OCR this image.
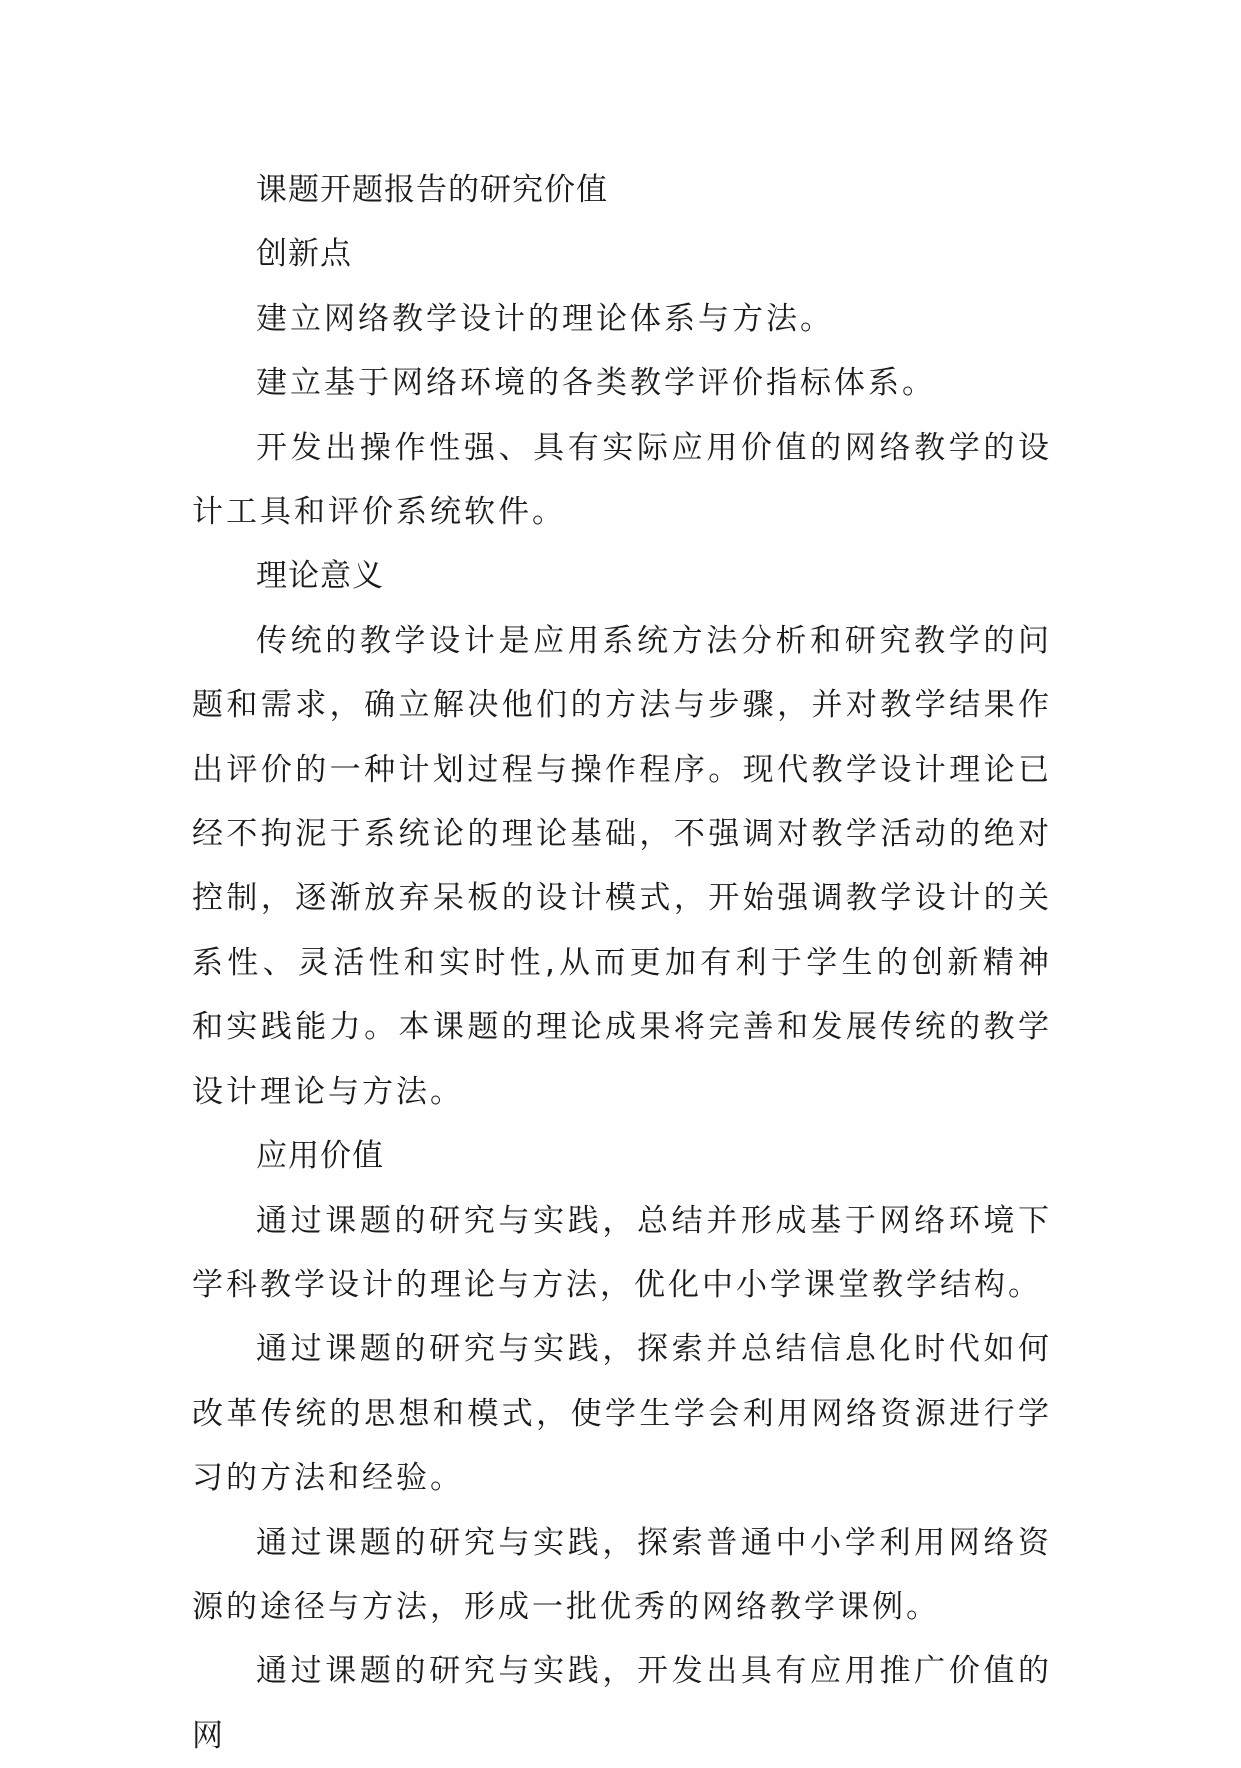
课题开题报告的研究价值

创新点

建立网络教学设计的理论体系与方法。

建立基于网络环境的各类教学评价指标体系。

开发出操作性强、具有实际应用价值的网络教学的设计工具和评价系统软件。

理论意义

传统的教学设计是应用系统方法分析和研究教学的问题和需求，确立解决他们的方法与步骤，并对教学结果作出评价的一种计划过程与操作程序。现代教学设计理论已经不拘泥于系统论的理论基础，不强调对教学活动的绝对控制，逐渐放弃呆板的设计模式，开始强调教学设计的关系性、灵活性和实时性,从而更加有利于学生的创新精神和实践能力。本课题的理论成果将完善和发展传统的教学设计理论与方法。

应用价值

通过课题的研究与实践，总结并形成基于网络环境下学科教学设计的理论与方法，优化中小学课堂教学结构。

通过课题的研究与实践，探索并总结信息化时代如何改革传统的思想和模式，使学生学会利用网络资源进行学习的方法和经验。

通过课题的研究与实践，探索普通中小学利用网络资源的途径与方法，形成一批优秀的网络教学课例。

通过课题的研究与实践，开发出具有应用推广价值的网
